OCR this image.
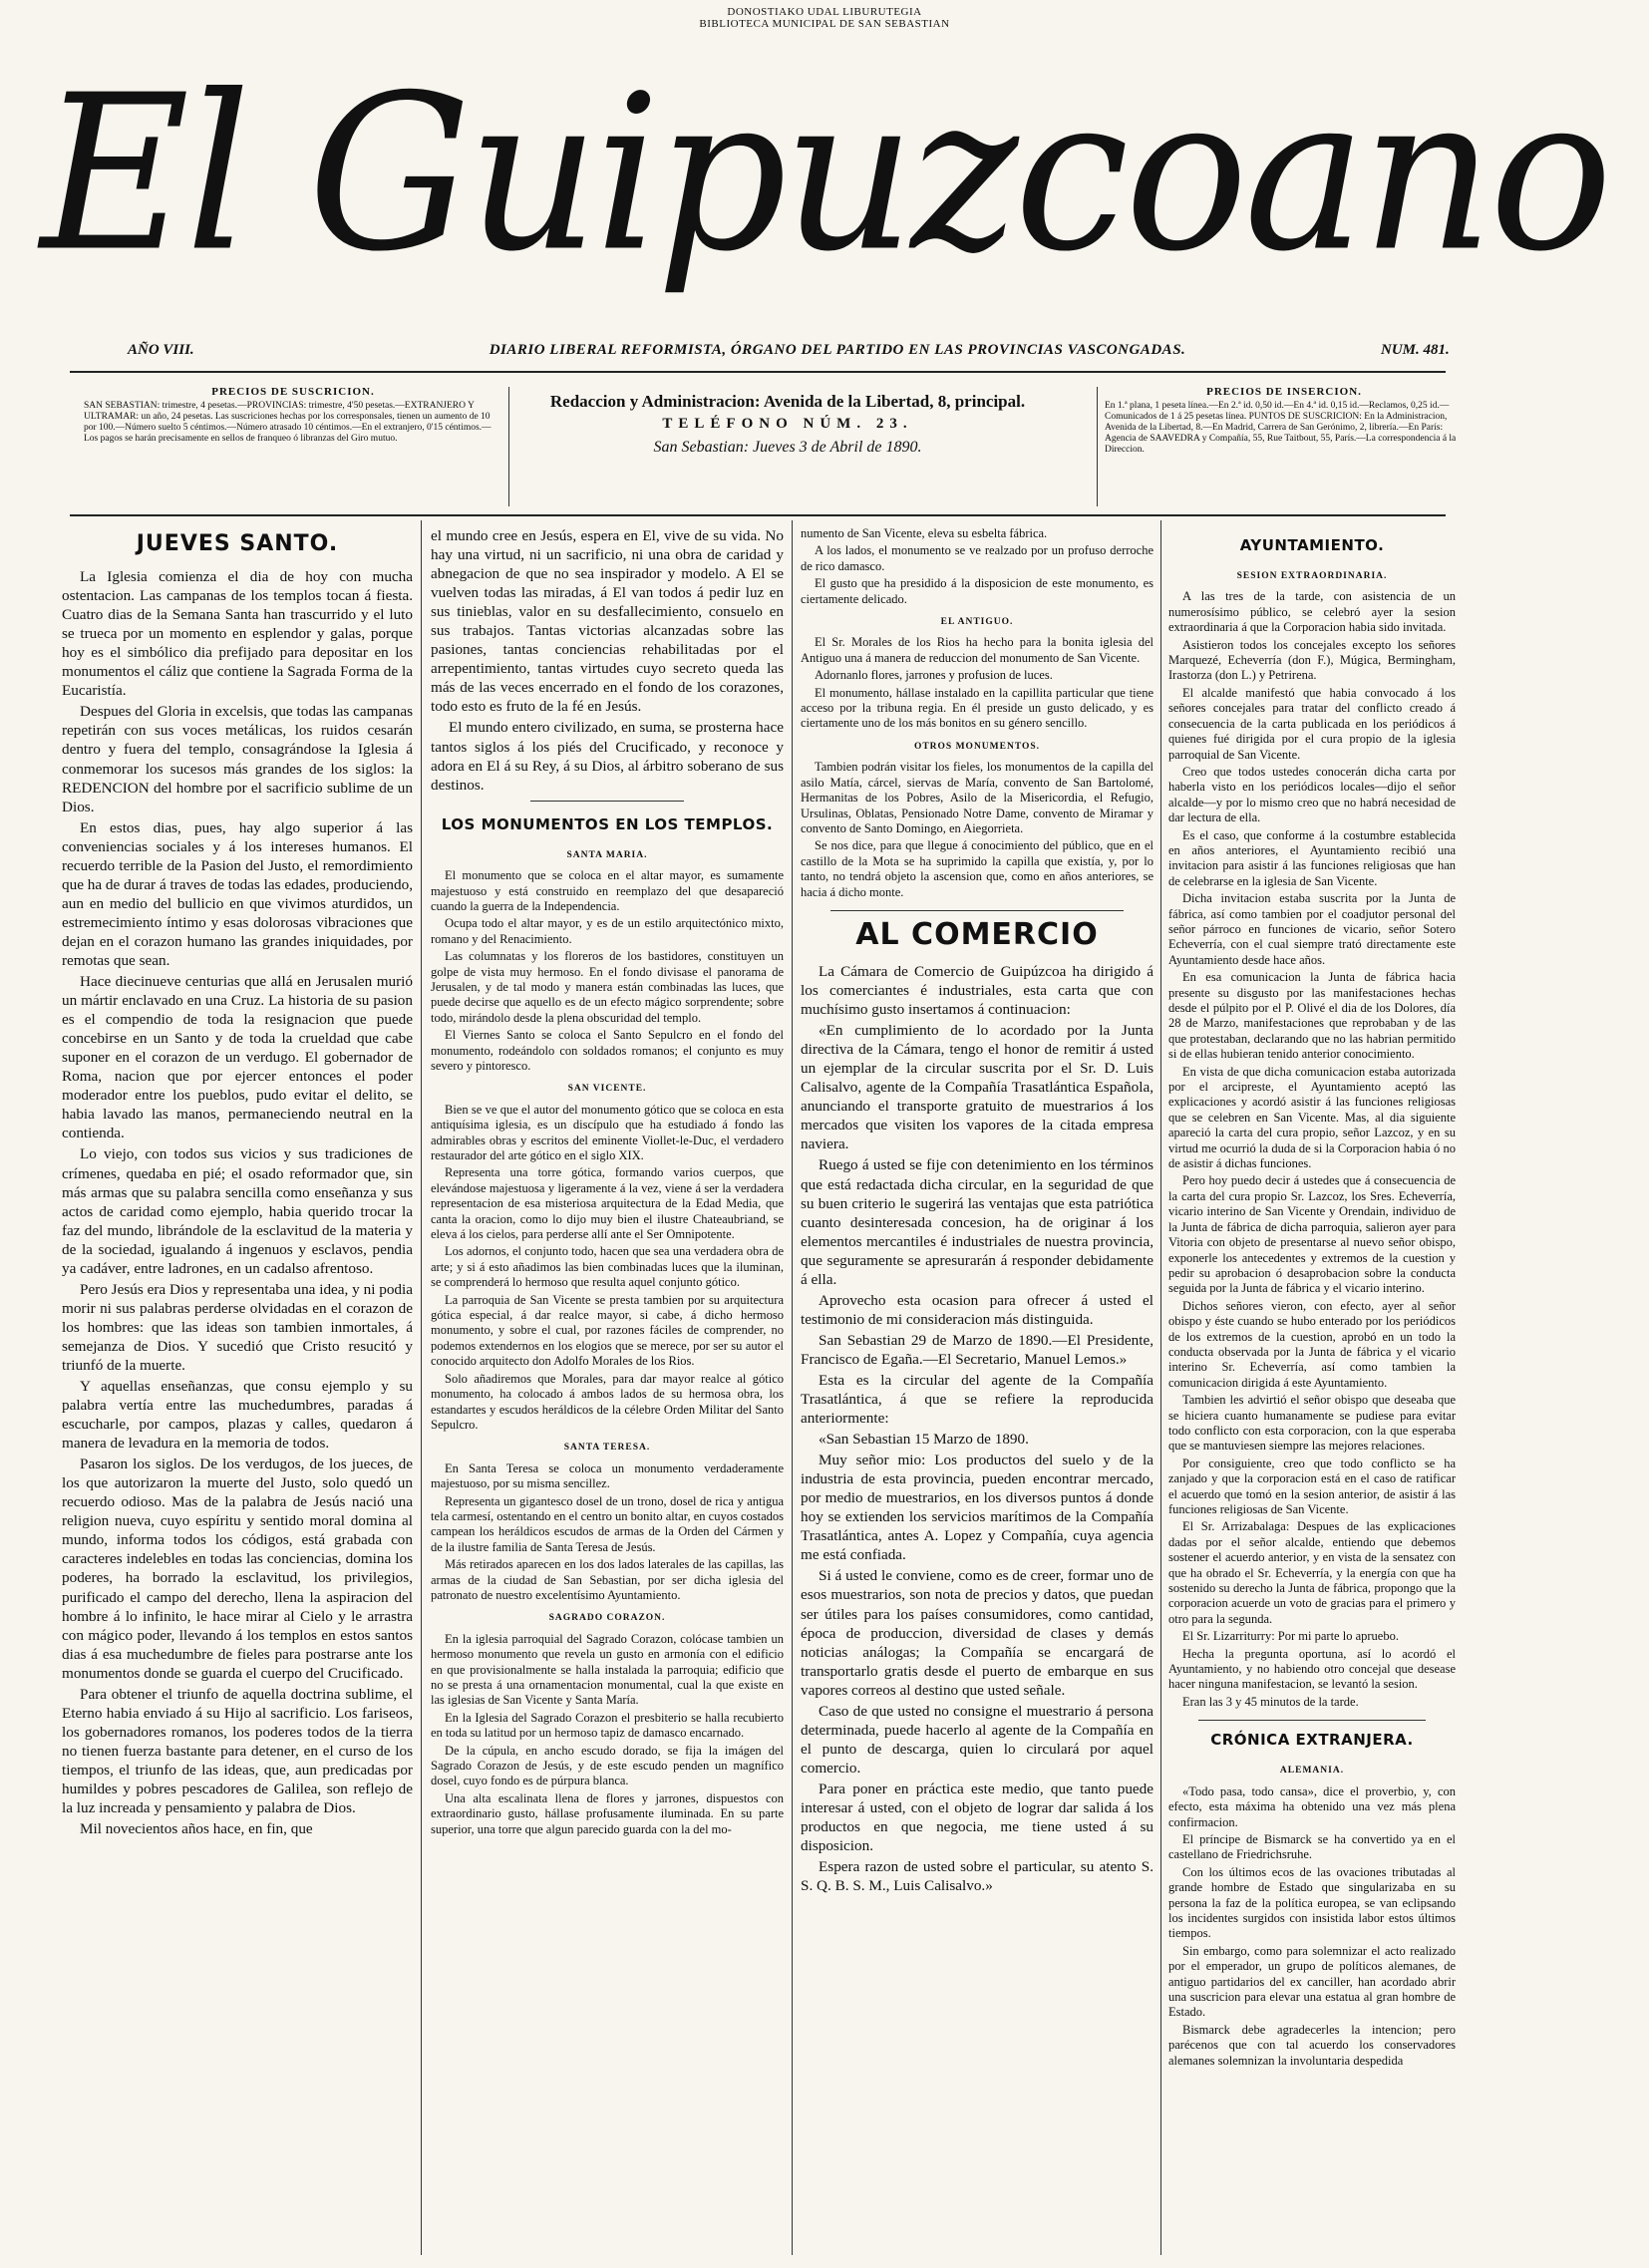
DONOSTIAKO UDAL LIBURUTEGIA
BIBLIOTECA MUNICIPAL DE SAN SEBASTIAN
El Guipuzcoano
AÑO VIII.	DIARIO LIBERAL REFORMISTA, ÓRGANO DEL PARTIDO EN LAS PROVINCIAS VASCONGADAS.	NUM. 481.
PRECIOS DE SUSCRICION.
SAN SEBASTIAN: trimestre, 4 pesetas.—PROVINCIAS: trimestre, 4'50 pesetas.—EXTRANJERO Y ULTRAMAR: un año, 24 pesetas. Las suscriciones hechas por los corresponsales, tienen un aumento de 10 por 100.—Número suelto 5 céntimos.—Número atrasado 10 céntimos.—En el extranjero, 0'15 céntimos.—Los pagos se harán precisamente en sellos de franqueo ó libranzas del Giro mutuo.
Redaccion y Administracion: Avenida de la Libertad, 8, principal.
TELÉFONO NÚM. 23.
San Sebastian: Jueves 3 de Abril de 1890.
PRECIOS DE INSERCION.
En 1.ª plana, 1 peseta línea.—En 2.ª id. 0,50 id.—En 4.ª id. 0,15 id.—Reclamos, 0,25 id.—Comunicados de 1 á 25 pesetas línea. PUNTOS DE SUSCRICION: En la Administracion, Avenida de la Libertad, 8.—En Madrid, Carrera de San Gerónimo, 2, librería.—En París: Agencia de SAAVEDRA y Compañía, 55, Rue Taitbout, 55, París.—La correspondencia á la Direccion.
JUEVES SANTO.

La Iglesia comienza el dia de hoy con mucha ostentacion. Las campanas de los templos tocan á fiesta. Cuatro dias de la Semana Santa han trascurrido y el luto se trueca por un momento en esplendor y galas, porque hoy es el simbólico dia prefijado para depositar en los monumentos el cáliz que contiene la Sagrada Forma de la Eucaristía.

Despues del Gloria in excelsis, que todas las campanas repetirán con sus voces metálicas, los ruidos cesarán dentro y fuera del templo, consagrándose la Iglesia á conmemorar los sucesos más grandes de los siglos: la REDENCION del hombre por el sacrificio sublime de un Dios.

En estos dias, pues, hay algo superior á las conveniencias sociales y á los intereses humanos. El recuerdo terrible de la Pasion del Justo, el remordimiento que ha de durar á traves de todas las edades, produciendo, aun en medio del bullicio en que vivimos aturdidos, un estremecimiento íntimo y esas dolorosas vibraciones que dejan en el corazon humano las grandes iniquidades, por remotas que sean.

Hace diecinueve centurias que allá en Jerusalen murió un mártir enclavado en una Cruz. La historia de su pasion es el compendio de toda la resignacion que puede concebirse en un Santo y de toda la crueldad que cabe suponer en el corazon de un verdugo. El gobernador de Roma, nacion que por ejercer entonces el poder moderador entre los pueblos, pudo evitar el delito, se habia lavado las manos, permaneciendo neutral en la contienda.

Lo viejo, con todos sus vicios y sus tradiciones de crímenes, quedaba en pié; el osado reformador que, sin más armas que su palabra sencilla como enseñanza y sus actos de caridad como ejemplo, habia querido trocar la faz del mundo, librándole de la esclavitud de la materia y de la sociedad, igualando á ingenuos y esclavos, pendia ya cadáver, entre ladrones, en un cadalso afrentoso.

Pero Jesús era Dios y representaba una idea, y ni podia morir ni sus palabras perderse olvidadas en el corazon de los hombres: que las ideas son tambien inmortales, á semejanza de Dios. Y sucedió que Cristo resucitó y triunfó de la muerte.

Y aquellas enseñanzas, que consu ejemplo y su palabra vertía entre las muchedumbres, paradas á escucharle, por campos, plazas y calles, quedaron á manera de levadura en la memoria de todos.

Pasaron los siglos. De los verdugos, de los jueces, de los que autorizaron la muerte del Justo, solo quedó un recuerdo odioso. Mas de la palabra de Jesús nació una religion nueva, cuyo espíritu y sentido moral domina al mundo, informa todos los códigos, está grabada con caracteres indelebles en todas las conciencias, domina los poderes, ha borrado la esclavitud, los privilegios, purificado el campo del derecho, llena la aspiracion del hombre á lo infinito, le hace mirar al Cielo y le arrastra con mágico poder, llevando á los templos en estos santos dias á esa muchedumbre de fieles para postrarse ante los monumentos donde se guarda el cuerpo del Crucificado.

Para obtener el triunfo de aquella doctrina sublime, el Eterno habia enviado á su Hijo al sacrificio. Los fariseos, los gobernadores romanos, los poderes todos de la tierra no tienen fuerza bastante para detener, en el curso de los tiempos, el triunfo de las ideas, que, aun predicadas por humildes y pobres pescadores de Galilea, son reflejo de la luz increada y pensamiento y palabra de Dios.

Mil novecientos años hace, en fin, que

el mundo cree en Jesús, espera en El, vive de su vida. No hay una virtud, ni un sacrificio, ni una obra de caridad y abnegacion de que no sea inspirador y modelo. A El se vuelven todas las miradas, á El van todos á pedir luz en sus tinieblas, valor en su desfallecimiento, consuelo en sus trabajos. Tantas victorias alcanzadas sobre las pasiones, tantas conciencias rehabilitadas por el arrepentimiento, tantas virtudes cuyo secreto queda las más de las veces encerrado en el fondo de los corazones, todo esto es fruto de la fé en Jesús.

El mundo entero civilizado, en suma, se prosterna hace tantos siglos á los piés del Crucificado, y reconoce y adora en El á su Rey, á su Dios, al árbitro soberano de sus destinos.

LOS MONUMENTOS EN LOS TEMPLOS.
SANTA MARIA.

El monumento que se coloca en el altar mayor, es sumamente majestuoso y está construido en reemplazo del que desapareció cuando la guerra de la Independencia.

Ocupa todo el altar mayor, y es de un estilo arquitectónico mixto, romano y del Renacimiento.

Las columnatas y los floreros de los bastidores, constituyen un golpe de vista muy hermoso. En el fondo divisase el panorama de Jerusalen, y de tal modo y manera están combinadas las luces, que puede decirse que aquello es de un efecto mágico sorprendente; sobre todo, mirándolo desde la plena obscuridad del templo.

El Viernes Santo se coloca el Santo Sepulcro en el fondo del monumento, rodeándolo con soldados romanos; el conjunto es muy severo y pintoresco.

SAN VICENTE.

Bien se ve que el autor del monumento gótico que se coloca en esta antiquísima iglesia, es un discípulo que ha estudiado á fondo las admirables obras y escritos del eminente Viollet-le-Duc, el verdadero restaurador del arte gótico en el siglo XIX.

Representa una torre gótica, formando varios cuerpos, que elevándose majestuosa y ligeramente á la vez, viene á ser la verdadera representacion de esa misteriosa arquitectura de la Edad Media, que canta la oracion, como lo dijo muy bien el ilustre Chateaubriand, se eleva á los cielos, para perderse allí ante el Ser Omnipotente.

Los adornos, el conjunto todo, hacen que sea una verdadera obra de arte; y si á esto añadimos las bien combinadas luces que la iluminan, se comprenderá lo hermoso que resulta aquel conjunto gótico.

La parroquia de San Vicente se presta tambien por su arquitectura gótica especial, á dar realce mayor, si cabe, á dicho hermoso monumento, y sobre el cual, por razones fáciles de comprender, no podemos extendernos en los elogios que se merece, por ser su autor el conocido arquitecto don Adolfo Morales de los Rios.

Solo añadiremos que Morales, para dar mayor realce al gótico monumento, ha colocado á ambos lados de su hermosa obra, los estandartes y escudos heráldicos de la célebre Orden Militar del Santo Sepulcro.

SANTA TERESA.

En Santa Teresa se coloca un monumento verdaderamente majestuoso, por su misma sencillez.

Representa un gigantesco dosel de un trono, dosel de rica y antigua tela carmesí, ostentando en el centro un bonito altar, en cuyos costados campean los heráldicos escudos de armas de la Orden del Cármen y de la ilustre familia de Santa Teresa de Jesús.

Más retirados aparecen en los dos lados laterales de las capillas, las armas de la ciudad de San Sebastian, por ser dicha iglesia del patronato de nuestro excelentísimo Ayuntamiento.

SAGRADO CORAZON.

En la iglesia parroquial del Sagrado Corazon, colócase tambien un hermoso monumento que revela un gusto en armonía con el edificio en que provisionalmente se halla instalada la parroquia; edificio que no se presta á una ornamentacion monumental, cual la que existe en las iglesias de San Vicente y Santa María.

En la Iglesia del Sagrado Corazon el presbiterio se halla recubierto en toda su latitud por un hermoso tapiz de damasco encarnado.

De la cúpula, en ancho escudo dorado, se fija la imágen del Sagrado Corazon de Jesús, y de este escudo penden un magnífico dosel, cuyo fondo es de púrpura blanca.

Una alta escalinata llena de flores y jarrones, dispuestos con extraordinario gusto, hállase profusamente iluminada. En su parte superior, una torre que algun parecido guarda con la del mo-

numento de San Vicente, eleva su esbelta fábrica.

A los lados, el monumento se ve realzado por un profuso derroche de rico damasco.

El gusto que ha presidido á la disposicion de este monumento, es ciertamente delicado.

EL ANTIGUO.

El Sr. Morales de los Rios ha hecho para la bonita iglesia del Antiguo una á manera de reduccion del monumento de San Vicente.

Adornanlo flores, jarrones y profusion de luces.

El monumento, hállase instalado en la capillita particular que tiene acceso por la tribuna regia. En él preside un gusto delicado, y es ciertamente uno de los más bonitos en su género sencillo.

OTROS MONUMENTOS.

Tambien podrán visitar los fieles, los monumentos de la capilla del asilo Matía, cárcel, siervas de María, convento de San Bartolomé, Hermanitas de los Pobres, Asilo de la Misericordia, el Refugio, Ursulinas, Oblatas, Pensionado Notre Dame, convento de Miramar y convento de Santo Domingo, en Aiegorrieta.

Se nos dice, para que llegue á conocimiento del público, que en el castillo de la Mota se ha suprimido la capilla que existía, y, por lo tanto, no tendrá objeto la ascension que, como en años anteriores, se hacia á dicho monte.

AL COMERCIO

La Cámara de Comercio de Guipúzcoa ha dirigido á los comerciantes é industriales, esta carta que con muchísimo gusto insertamos á continuacion:

«En cumplimiento de lo acordado por la Junta directiva de la Cámara, tengo el honor de remitir á usted un ejemplar de la circular suscrita por el Sr. D. Luis Calisalvo, agente de la Compañía Trasatlántica Española, anunciando el transporte gratuito de muestrarios á los mercados que visiten los vapores de la citada empresa naviera.

Ruego á usted se fije con detenimiento en los términos que está redactada dicha circular, en la seguridad de que su buen criterio le sugerirá las ventajas que esta patriótica cuanto desinteresada concesion, ha de originar á los elementos mercantiles é industriales de nuestra provincia, que seguramente se apresurarán á responder debidamente á ella.

Aprovecho esta ocasion para ofrecer á usted el testimonio de mi consideracion más distinguida.

San Sebastian 29 de Marzo de 1890.—El Presidente, Francisco de Egaña.—El Secretario, Manuel Lemos.»

Esta es la circular del agente de la Compañía Trasatlántica, á que se refiere la reproducida anteriormente:

«San Sebastian 15 Marzo de 1890.

Muy señor mio: Los productos del suelo y de la industria de esta provincia, pueden encontrar mercado, por medio de muestrarios, en los diversos puntos á donde hoy se extienden los servicios marítimos de la Compañía Trasatlántica, antes A. Lopez y Compañía, cuya agencia me está confiada.

Si á usted le conviene, como es de creer, formar uno de esos muestrarios, son nota de precios y datos, que puedan ser útiles para los países consumidores, como cantidad, época de produccion, diversidad de clases y demás noticias análogas; la Compañía se encargará de transportarlo gratis desde el puerto de embarque en sus vapores correos al destino que usted señale.

Caso de que usted no consigne el muestrario á persona determinada, puede hacerlo al agente de la Compañía en el punto de descarga, quien lo circulará por aquel comercio.

Para poner en práctica este medio, que tanto puede interesar á usted, con el objeto de lograr dar salida á los productos en que negocia, me tiene usted á su disposicion.

Espera razon de usted sobre el particular, su atento S. S. Q. B. S. M., Luis Calisalvo.»

AYUNTAMIENTO.
SESION EXTRAORDINARIA.

A las tres de la tarde, con asistencia de un numerosísimo público, se celebró ayer la sesion extraordinaria á que la Corporacion habia sido invitada.

Asistieron todos los concejales excepto los señores Marquezé, Echeverría (don F.), Múgica, Bermingham, Irastorza (don L.) y Petrirena.

El alcalde manifestó que habia convocado á los señores concejales para tratar del conflicto creado á consecuencia de la carta publicada en los periódicos á quienes fué dirigida por el cura propio de la iglesia parroquial de San Vicente.

Creo que todos ustedes conocerán dicha carta por haberla visto en los periódicos locales—dijo el señor alcalde—y por lo mismo creo que no habrá necesidad de dar lectura de ella.

Es el caso, que conforme á la costumbre establecida en años anteriores, el Ayuntamiento recibió una invitacion para asistir á las funciones religiosas que han de celebrarse en la iglesia de San Vicente.

Dicha invitacion estaba suscrita por la Junta de fábrica, así como tambien por el coadjutor personal del señor párroco en funciones de vicario, señor Sotero Echeverría, con el cual siempre trató directamente este Ayuntamiento desde hace años.

En esa comunicacion la Junta de fábrica hacia presente su disgusto por las manifestaciones hechas desde el púlpito por el P. Olivé el dia de los Dolores, día 28 de Marzo, manifestaciones que reprobaban y de las que protestaban, declarando que no las habrian permitido si de ellas hubieran tenido anterior conocimiento.

En vista de que dicha comunicacion estaba autorizada por el arcipreste, el Ayuntamiento aceptó las explicaciones y acordó asistir á las funciones religiosas que se celebren en San Vicente. Mas, al dia siguiente apareció la carta del cura propio, señor Lazcoz, y en su virtud me ocurrió la duda de si la Corporacion habia ó no de asistir á dichas funciones.

Pero hoy puedo decir á ustedes que á consecuencia de la carta del cura propio Sr. Lazcoz, los Sres. Echeverría, vicario interino de San Vicente y Orendain, individuo de la Junta de fábrica de dicha parroquia, salieron ayer para Vitoria con objeto de presentarse al nuevo señor obispo, exponerle los antecedentes y extremos de la cuestion y pedir su aprobacion ó desaprobacion sobre la conducta seguida por la Junta de fábrica y el vicario interino.

Dichos señores vieron, con efecto, ayer al señor obispo y éste cuando se hubo enterado por los periódicos de los extremos de la cuestion, aprobó en un todo la conducta observada por la Junta de fábrica y el vicario interino Sr. Echeverría, así como tambien la comunicacion dirigida á este Ayuntamiento.

Tambien les advirtió el señor obispo que deseaba que se hiciera cuanto humanamente se pudiese para evitar todo conflicto con esta corporacion, con la que esperaba que se mantuviesen siempre las mejores relaciones.

Por consiguiente, creo que todo conflicto se ha zanjado y que la corporacion está en el caso de ratificar el acuerdo que tomó en la sesion anterior, de asistir á las funciones religiosas de San Vicente.

El Sr. Arrizabalaga: Despues de las explicaciones dadas por el señor alcalde, entiendo que debemos sostener el acuerdo anterior, y en vista de la sensatez con que ha obrado el Sr. Echeverría, y la energía con que ha sostenido su derecho la Junta de fábrica, propongo que la corporacion acuerde un voto de gracias para el primero y otro para la segunda.

El Sr. Lizarriturry: Por mi parte lo apruebo.

Hecha la pregunta oportuna, así lo acordó el Ayuntamiento, y no habiendo otro concejal que desease hacer ninguna manifestacion, se levantó la sesion.

Eran las 3 y 45 minutos de la tarde.

CRÓNICA EXTRANJERA.
ALEMANIA.

«Todo pasa, todo cansa», dice el proverbio, y, con efecto, esta máxima ha obtenido una vez más plena confirmacion.

El príncipe de Bismarck se ha convertido ya en el castellano de Friedrichsruhe.

Con los últimos ecos de las ovaciones tributadas al grande hombre de Estado que singularizaba en su persona la faz de la política europea, se van eclipsando los incidentes surgidos con insistida labor estos últimos tiempos.

Sin embargo, como para solemnizar el acto realizado por el emperador, un grupo de políticos alemanes, de antiguo partidarios del ex canciller, han acordado abrir una suscricion para elevar una estatua al gran hombre de Estado.

Bismarck debe agradecerles la intencion; pero parécenos que con tal acuerdo los conservadores alemanes solemnizan la involuntaria despedida
